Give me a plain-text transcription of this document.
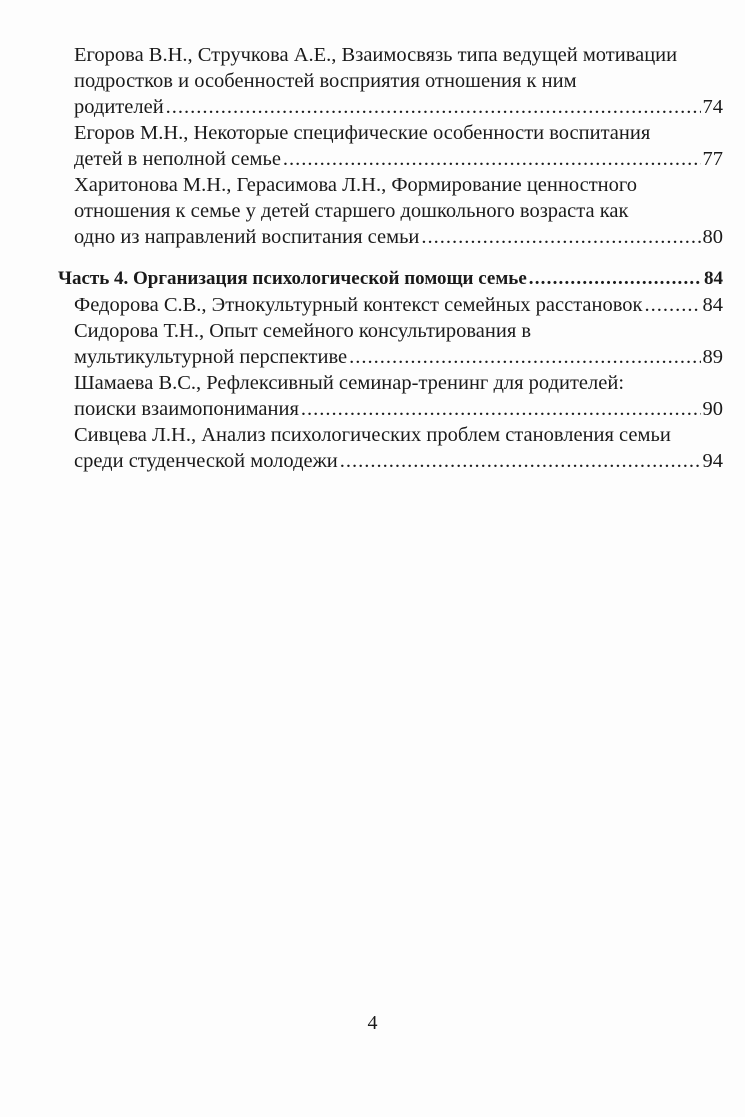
Егорова В.Н., Стручкова А.Е., Взаимосвязь типа ведущей мотивации
подростков и особенностей восприятия отношения к ним
родителей .....	74
Егоров М.Н., Некоторые специфические особенности воспитания
детей в неполной семье .....	77
Харитонова М.Н., Герасимова Л.Н., Формирование ценностного
отношения к семье у детей старшего дошкольного возраста как
одно из направлений воспитания семьи .....	80
Часть 4. Организация психологической помощи семье .....	84
Федорова С.В., Этнокультурный контекст семейных расстановок .....	84
Сидорова Т.Н., Опыт семейного консультирования в
мультикультурной перспективе .....	89
Шамаева В.С., Рефлексивный семинар-тренинг для родителей:
поиски взаимопонимания .....	90
Сивцева Л.Н., Анализ психологических проблем становления семьи
среди студенческой молодежи .....	94
4
